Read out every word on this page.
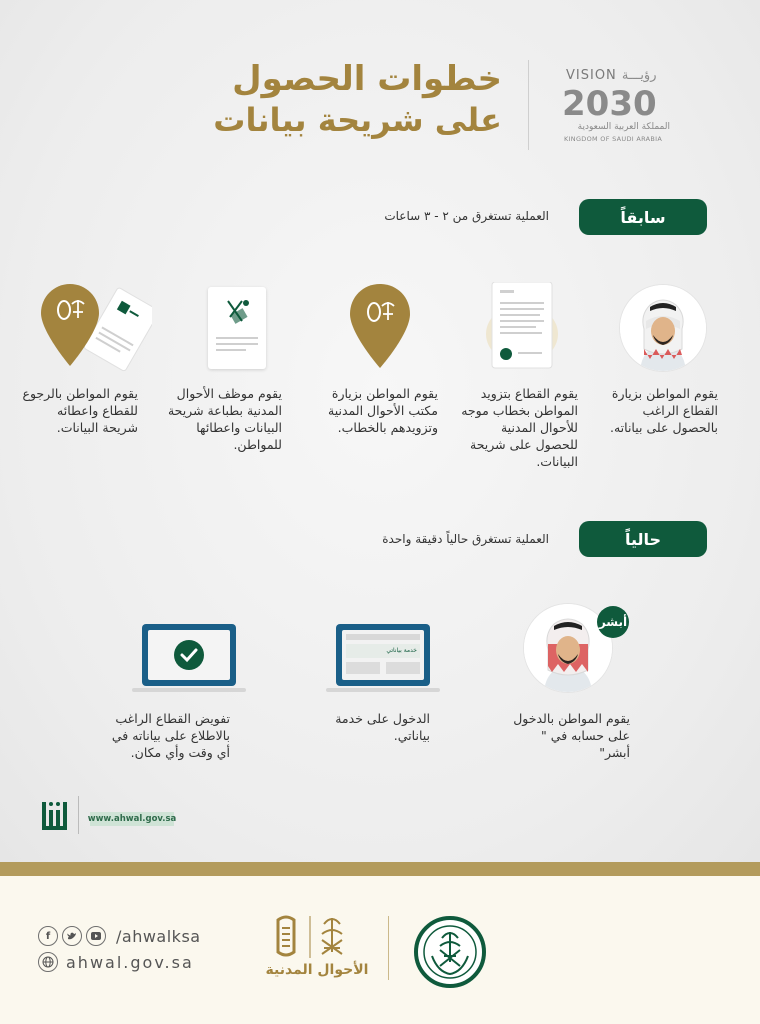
خطوات الحصول
على شريحة بيانات
VISION رؤيـــة
2030
المملكة العربية السعودية
KINGDOM OF SAUDI ARABIA
سابقاً
العملية تستغرق من ٢ - ٣ ساعات
يقوم المواطن بزيارة القطاع الراغب بالحصول على بياناته.
يقوم القطاع بتزويد المواطن بخطاب موجه للأحوال المدنية للحصول على شريحة البيانات.
يقوم المواطن بزيارة مكتب الأحوال المدنية وتزويدهم بالخطاب.
يقوم موظف الأحوال المدنية بطباعة شريحة البيانات واعطائها للمواطن.
يقوم المواطن بالرجوع للقطاع واعطائه شريحة البيانات.
حالياً
العملية تستغرق حالياً دقيقة واحدة
أبشر
يقوم المواطن بالدخول على حسابه في " أبشر"
خدمة بياناتي
الدخول على خدمة بياناتي.
تفويض القطاع الراغب بالاطلاع على بياناته في أي وقت وأي مكان.
www.ahwal.gov.sa
f	/ahwalksa
ahwal.gov.sa	الأحوال المدنية
